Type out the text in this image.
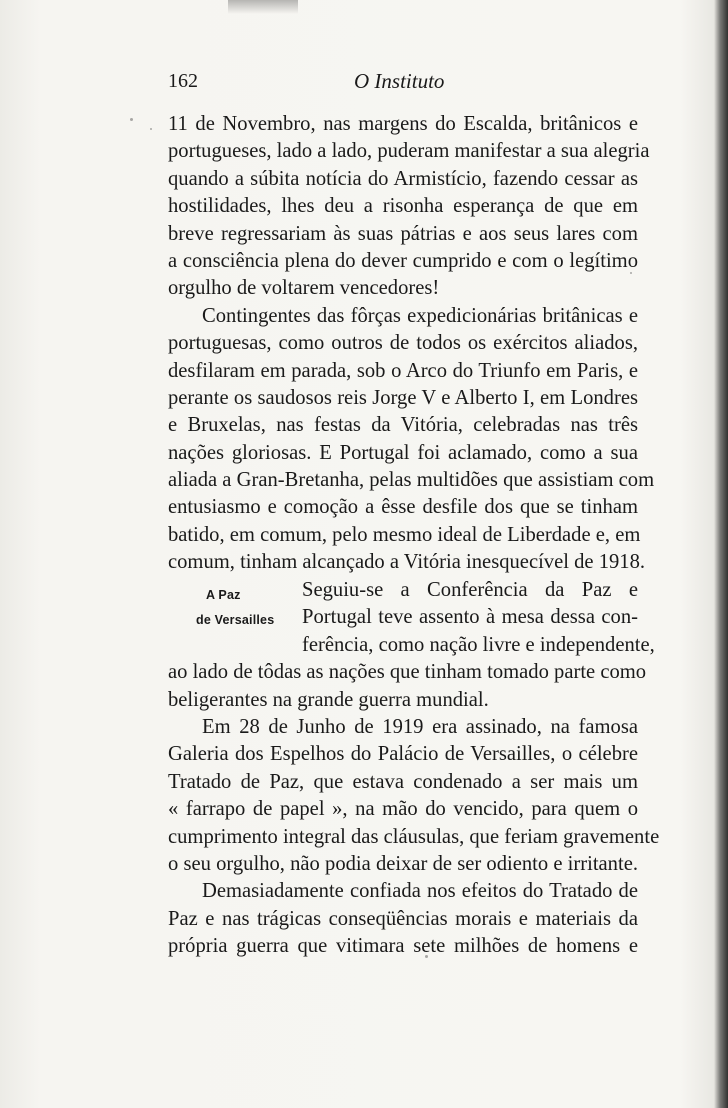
162	O Instituto
11 de Novembro, nas margens do Escalda, britânicos e
portugueses, lado a lado, puderam manifestar a sua alegria
quando a súbita notícia do Armistício, fazendo cessar as
hostilidades, lhes deu a risonha esperança de que em
breve regressariam às suas pátrias e aos seus lares com
a consciência plena do dever cumprido e com o legítimo
orgulho de voltarem vencedores!
Contingentes das fôrças expedicionárias britânicas e
portuguesas, como outros de todos os exércitos aliados,
desfilaram em parada, sob o Arco do Triunfo em Paris, e
perante os saudosos reis Jorge V e Alberto I, em Londres
e Bruxelas, nas festas da Vitória, celebradas nas três
nações gloriosas. E Portugal foi aclamado, como a sua
aliada a Gran-Bretanha, pelas multidões que assistiam com
entusiasmo e comoção a êsse desfile dos que se tinham
batido, em comum, pelo mesmo ideal de Liberdade e, em
comum, tinham alcançado a Vitória inesquecível de 1918.
A Paz
de Versailles
Seguiu-se a Conferência da Paz e
Portugal teve assento à mesa dessa con-
ferência, como nação livre e independente,
ao lado de tôdas as nações que tinham tomado parte como
beligerantes na grande guerra mundial.
Em 28 de Junho de 1919 era assinado, na famosa
Galeria dos Espelhos do Palácio de Versailles, o célebre
Tratado de Paz, que estava condenado a ser mais um
« farrapo de papel », na mão do vencido, para quem o
cumprimento integral das cláusulas, que feriam gravemente
o seu orgulho, não podia deixar de ser odiento e irritante.
Demasiadamente confiada nos efeitos do Tratado de
Paz e nas trágicas conseqüências morais e materiais da
própria guerra que vitimara sete milhões de homens e
